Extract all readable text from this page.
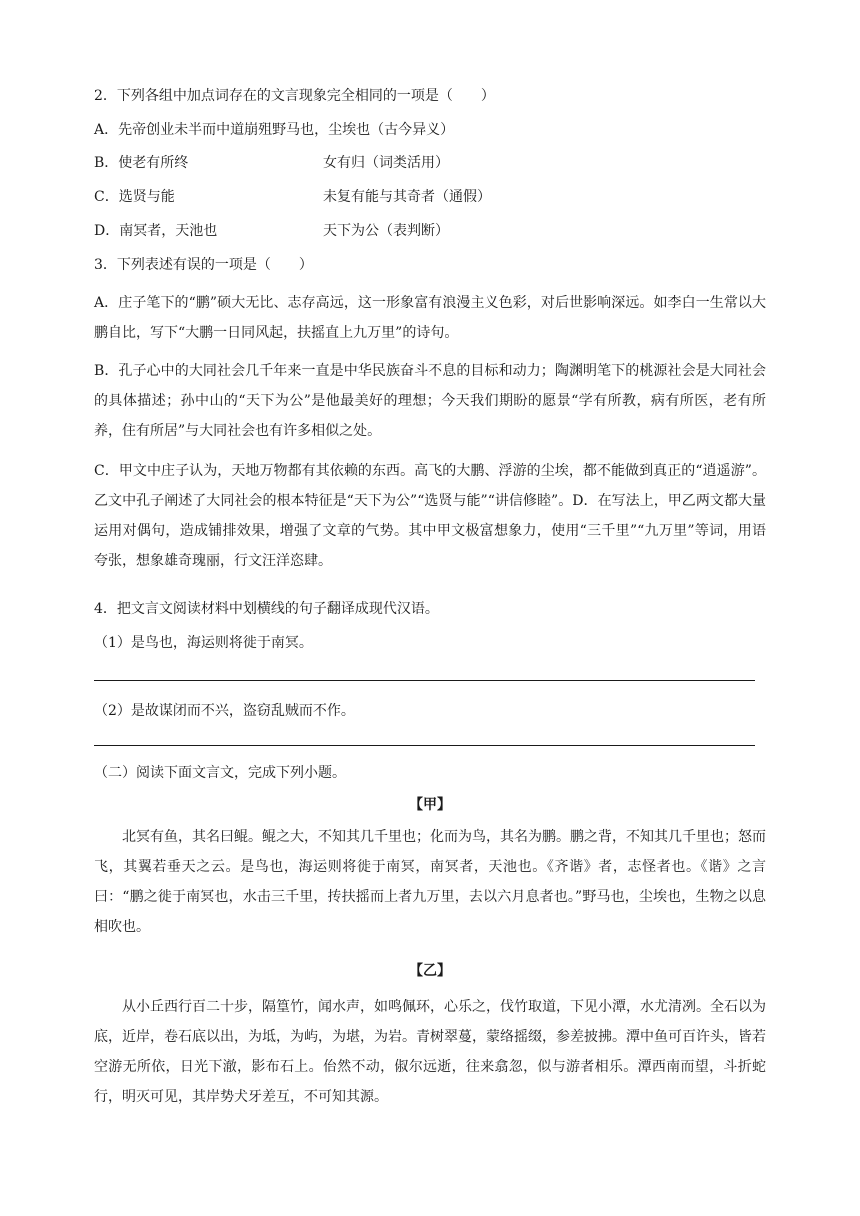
2．下列各组中加点词存在的文言现象完全相同的一项是（　　）
A．先帝创业未半而中道崩殂野马也，尘埃也（古今异义）
B．使老有所终	女有归（词类活用）
C．选贤与能	未复有能与其奇者（通假）
D．南冥者，天池也	天下为公（表判断）
3．下列表述有误的一项是（　　）
A．庄子笔下的“鹏”硕大无比、志存高远，这一形象富有浪漫主义色彩，对后世影响深远。如李白一生常以大鹏自比，写下“大鹏一日同风起，扶摇直上九万里”的诗句。
B．孔子心中的大同社会几千年来一直是中华民族奋斗不息的目标和动力；陶渊明笔下的桃源社会是大同社会的具体描述；孙中山的“天下为公”是他最美好的理想；今天我们期盼的愿景“学有所教，病有所医，老有所养，住有所居”与大同社会也有许多相似之处。
C．甲文中庄子认为，天地万物都有其依赖的东西。高飞的大鹏、浮游的尘埃，都不能做到真正的“逍遥游”。乙文中孔子阐述了大同社会的根本特征是“天下为公”“选贤与能”“讲信修睦”。D．在写法上，甲乙两文都大量运用对偶句，造成铺排效果，增强了文章的气势。其中甲文极富想象力，使用“三千里”“九万里”等词，用语夸张，想象雄奇瑰丽，行文汪洋恣肆。
4．把文言文阅读材料中划横线的句子翻译成现代汉语。
（1）是鸟也，海运则将徙于南冥。
（2）是故谋闭而不兴，盗窃乱贼而不作。
（二）阅读下面文言文，完成下列小题。
【甲】
北冥有鱼，其名曰鲲。鲲之大，不知其几千里也；化而为鸟，其名为鹏。鹏之背，不知其几千里也；怒而飞，其翼若垂天之云。是鸟也，海运则将徙于南冥，南冥者，天池也。《齐谐》者，志怪者也。《谐》之言曰：“鹏之徙于南冥也，水击三千里，抟扶摇而上者九万里，去以六月息者也。”野马也，尘埃也，生物之以息相吹也。
【乙】
从小丘西行百二十步，隔篁竹，闻水声，如鸣佩环，心乐之，伐竹取道，下见小潭，水尤清冽。全石以为底，近岸，卷石底以出，为坻，为屿，为堪，为岩。青树翠蔓，蒙络摇缀，参差披拂。潭中鱼可百许头，皆若空游无所依，日光下澈，影布石上。佁然不动，俶尔远逝，往来翕忽，似与游者相乐。潭西南而望，斗折蛇行，明灭可见，其岸势犬牙差互，不可知其源。
